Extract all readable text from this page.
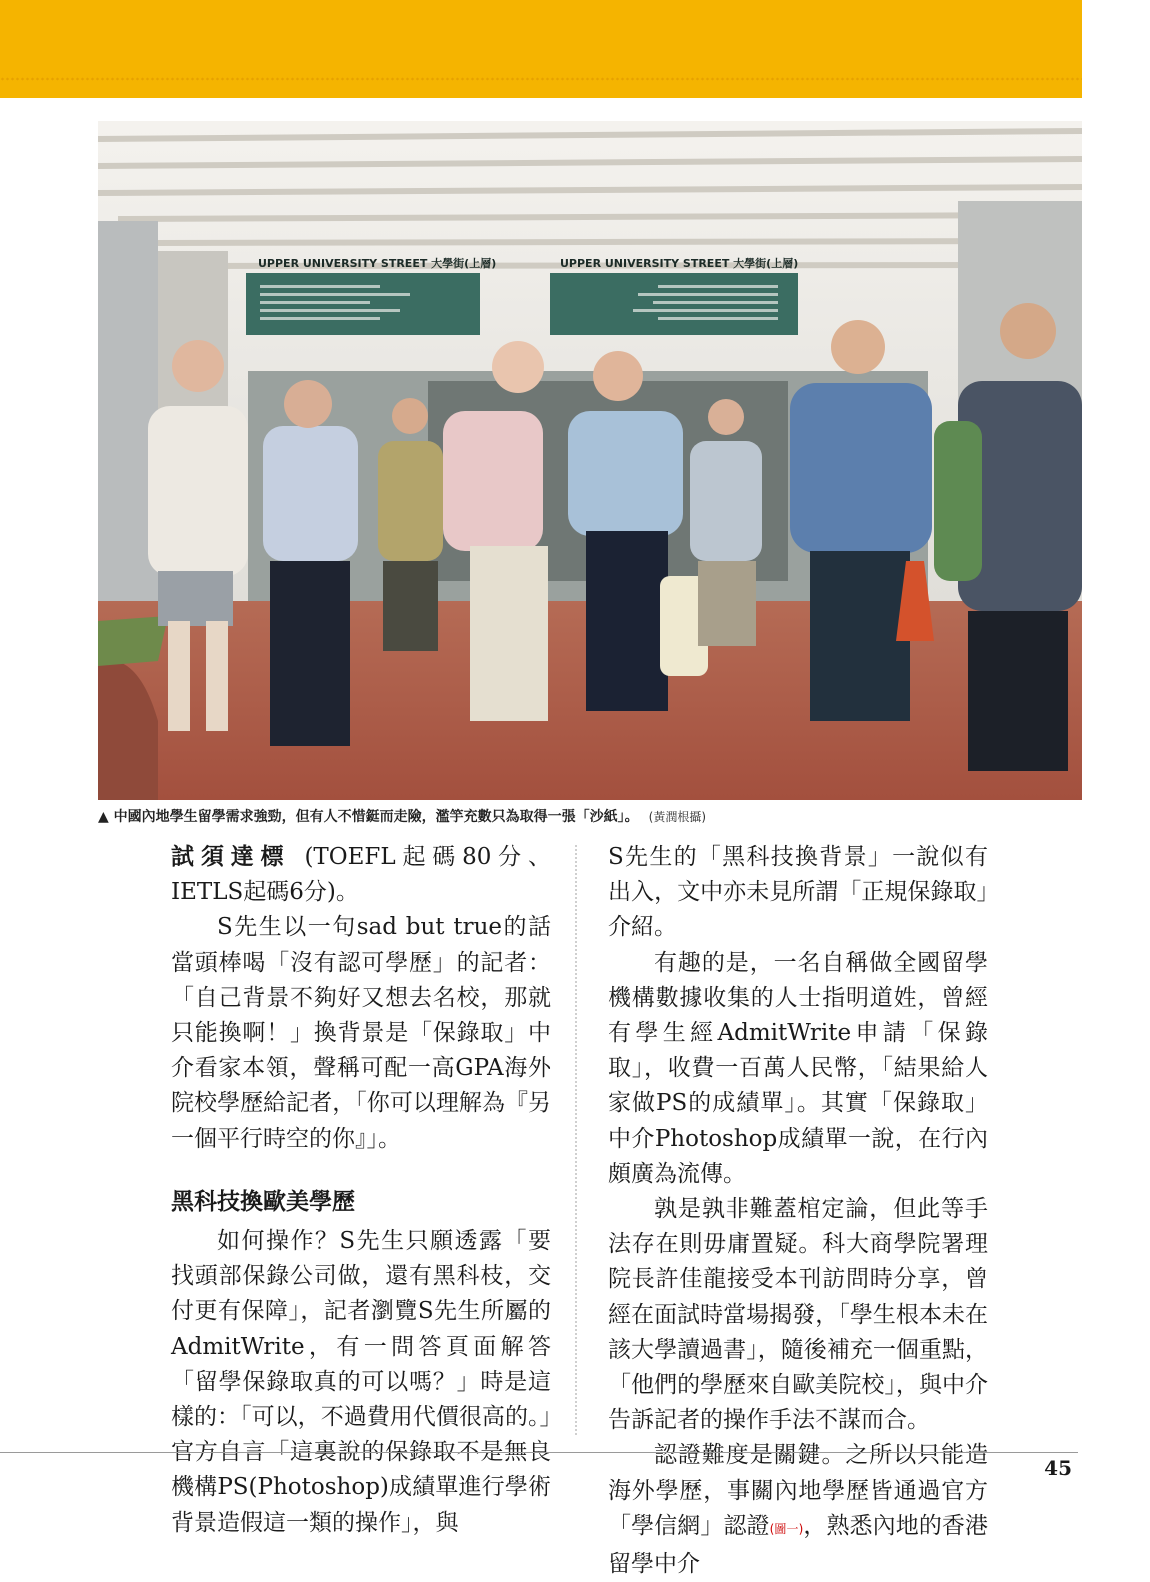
UPPER UNIVERSITY STREET 大學街(上層)	UPPER UNIVERSITY STREET 大學街(上層)
▲ 中國內地學生留學需求強勁，但有人不惜鋌而走險，濫竽充數只為取得一張「沙紙」。 (黃潤根攝)

試須達標 (TOEFL起碼80分、IETLS起碼6分)。

S先生以一句sad but true的話當頭棒喝「沒有認可學歷」的記者：「自己背景不夠好又想去名校，那就只能換啊！」換背景是「保錄取」中介看家本領，聲稱可配一高GPA海外院校學歷給記者，「你可以理解為『另一個平行時空的你』」。

黑科技換歐美學歷

如何操作？S先生只願透露「要找頭部保錄公司做，還有黑科枝，交付更有保障」，記者瀏覽S先生所屬的AdmitWrite，有一問答頁面解答「留學保錄取真的可以嗎？」時是這樣的：「可以，不過費用代價很高的。」官方自言「這裏說的保錄取不是無良機構PS(Photoshop)成績單進行學術背景造假這一類的操作」，與

S先生的「黑科技換背景」一說似有出入，文中亦未見所謂「正規保錄取」介紹。

有趣的是，一名自稱做全國留學機構數據收集的人士指明道姓，曾經有學生經AdmitWrite申請「保錄取」，收費一百萬人民幣，「結果給人家做PS的成績單」。其實「保錄取」中介Photoshop成績單一說，在行內頗廣為流傳。

孰是孰非難蓋棺定論，但此等手法存在則毋庸置疑。科大商學院署理院長許佳龍接受本刊訪問時分享，曾經在面試時當場揭發，「學生根本未在該大學讀過書」，隨後補充一個重點，「他們的學歷來自歐美院校」，與中介告訴記者的操作手法不謀而合。

認證難度是關鍵。之所以只能造海外學歷，事關內地學歷皆通過官方「學信網」認證(圖一)，熟悉內地的香港留學中介

45
